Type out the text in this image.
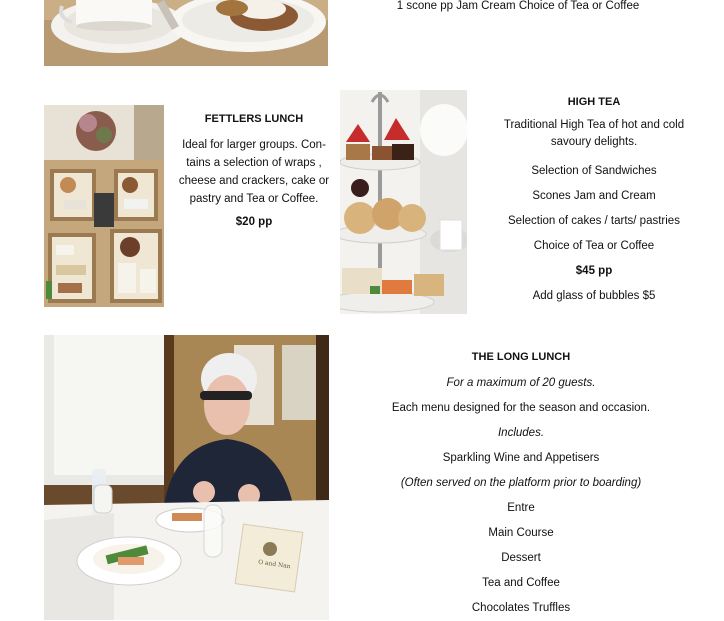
1 scone pp Jam Cream Choice of Tea or Coffee
FETTLERS LUNCH
Ideal for larger groups. Con-
tains a selection of wraps ,
cheese and crackers, cake or
pastry and Tea or Coffee.
$20 pp
HIGH TEA
Traditional High Tea of hot and cold
savoury delights.
Selection of Sandwiches
Scones Jam and Cream
Selection of cakes / tarts/ pastries
Choice of Tea or Coffee
$45 pp
Add glass of bubbles $5
O and Nan
THE LONG LUNCH
For a maximum of 20 guests.
Each menu designed for the season and occasion.
Includes.
Sparkling Wine and Appetisers
(Often served on the platform prior to boarding)
Entre
Main Course
Dessert
Tea and Coffee
Chocolates Truffles
